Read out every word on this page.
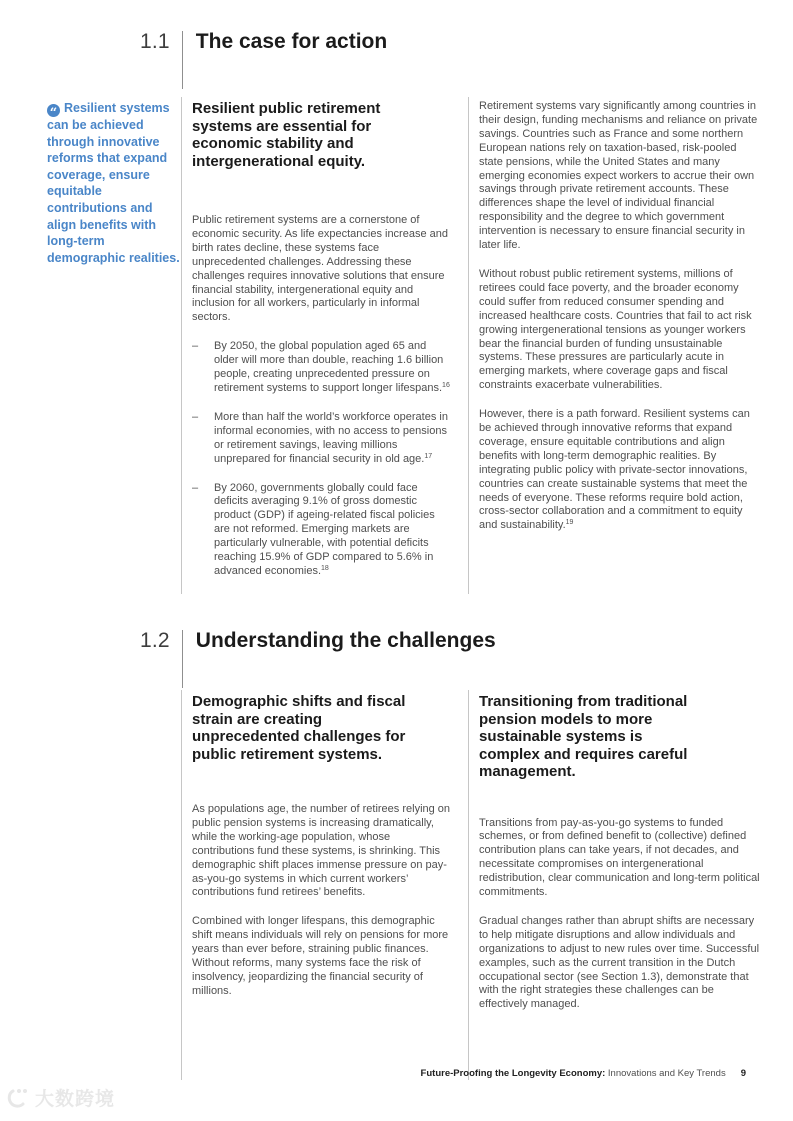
1.1 The case for action
“ Resilient systems can be achieved through innovative reforms that expand coverage, ensure equitable contributions and align benefits with long-term demographic realities.
Resilient public retirement systems are essential for economic stability and intergenerational equity.

Public retirement systems are a cornerstone of economic security. As life expectancies increase and birth rates decline, these systems face unprecedented challenges. Addressing these challenges requires innovative solutions that ensure financial stability, intergenerational equity and inclusion for all workers, particularly in informal sectors.

–	By 2050, the global population aged 65 and older will more than double, reaching 1.6 billion people, creating unprecedented pressure on retirement systems to support longer lifespans.$^{16}$

–	More than half the world’s workforce operates in informal economies, with no access to pensions or retirement savings, leaving millions unprepared for financial security in old age.$^{17}$

–	By 2060, governments globally could face deficits averaging 9.1% of gross domestic product (GDP) if ageing-related fiscal policies are not reformed. Emerging markets are particularly vulnerable, with potential deficits reaching 15.9% of GDP compared to 5.6% in advanced economies.$^{18}$

Retirement systems vary significantly among countries in their design, funding mechanisms and reliance on private savings. Countries such as France and some northern European nations rely on taxation-based, risk-pooled state pensions, while the United States and many emerging economies expect workers to accrue their own savings through private retirement accounts. These differences shape the level of individual financial responsibility and the degree to which government intervention is necessary to ensure financial security in later life.

Without robust public retirement systems, millions of retirees could face poverty, and the broader economy could suffer from reduced consumer spending and increased healthcare costs. Countries that fail to act risk growing intergenerational tensions as younger workers bear the financial burden of funding unsustainable systems. These pressures are particularly acute in emerging markets, where coverage gaps and fiscal constraints exacerbate vulnerabilities.

However, there is a path forward. Resilient systems can be achieved through innovative reforms that expand coverage, ensure equitable contributions and align benefits with long-term demographic realities. By integrating public policy with private-sector innovations, countries can create sustainable systems that meet the needs of everyone. These reforms require bold action, cross-sector collaboration and a commitment to equity and sustainability.$^{19}$

1.2 Understanding the challenges
Demographic shifts and fiscal strain are creating unprecedented challenges for public retirement systems.

As populations age, the number of retirees relying on public pension systems is increasing dramatically, while the working-age population, whose contributions fund these systems, is shrinking. This demographic shift places immense pressure on pay-as-you-go systems in which current workers’ contributions fund retirees’ benefits.

Combined with longer lifespans, this demographic shift means individuals will rely on pensions for more years than ever before, straining public finances. Without reforms, many systems face the risk of insolvency, jeopardizing the financial security of millions.

Transitioning from traditional pension models to more sustainable systems is complex and requires careful management.

Transitions from pay-as-you-go systems to funded schemes, or from defined benefit to (collective) defined contribution plans can take years, if not decades, and necessitate compromises on intergenerational redistribution, clear communication and long-term political commitments.

Gradual changes rather than abrupt shifts are necessary to help mitigate disruptions and allow individuals and organizations to adjust to new rules over time. Successful examples, such as the current transition in the Dutch occupational sector (see Section 1.3), demonstrate that with the right strategies these challenges can be effectively managed.

Future-Proofing the Longevity Economy: Innovations and Key Trends 9
大数跨境
